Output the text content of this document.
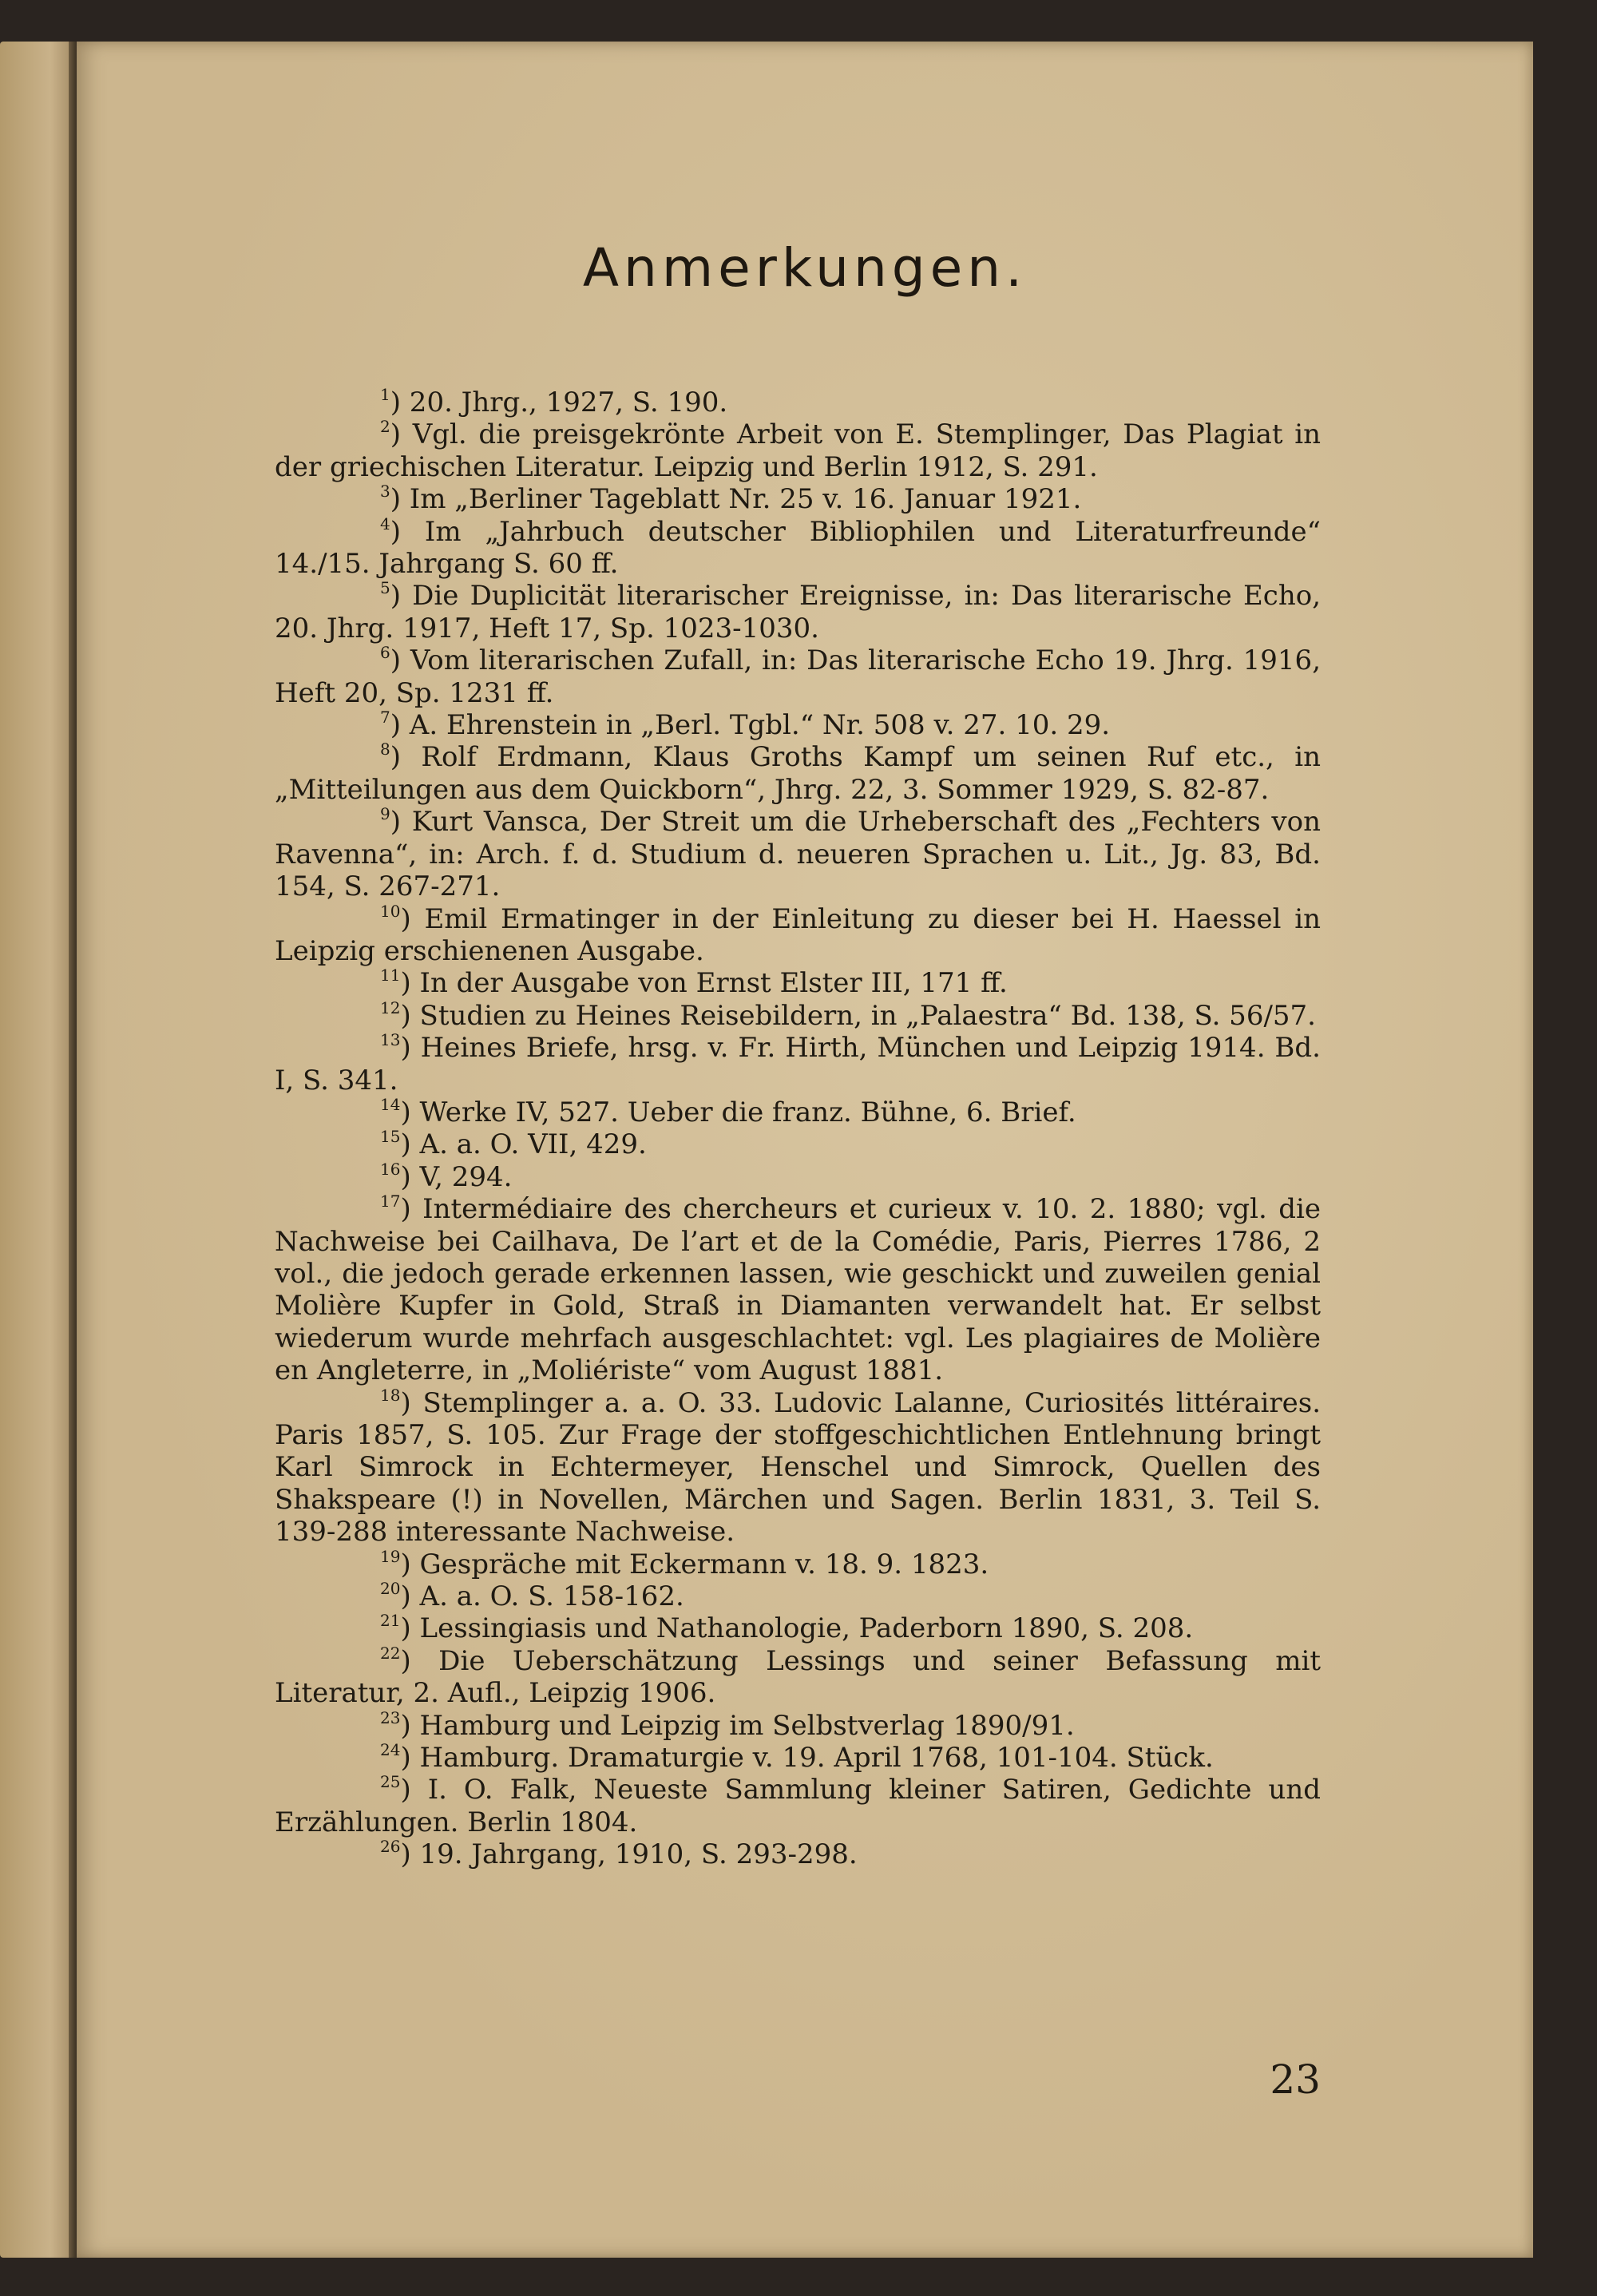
Anmerkungen.

$^1$) 20. Jhrg., 1927, S. 190.

$^2$) Vgl. die preisgekrönte Arbeit von E. Stemplinger, Das Plagiat in der griechischen Literatur. Leipzig und Berlin 1912, S. 291.

$^3$) Im „Berliner Tageblatt Nr. 25 v. 16. Januar 1921.

$^4$) Im „Jahrbuch deutscher Bibliophilen und Literaturfreunde“ 14./15. Jahrgang S. 60 ff.

$^5$) Die Duplicität literarischer Ereignisse, in: Das literarische Echo, 20. Jhrg. 1917, Heft 17, Sp. 1023-1030.

$^6$) Vom literarischen Zufall, in: Das literarische Echo 19. Jhrg. 1916, Heft 20, Sp. 1231 ff.

$^7$) A. Ehrenstein in „Berl. Tgbl.“ Nr. 508 v. 27. 10. 29.

$^8$) Rolf Erdmann, Klaus Groths Kampf um seinen Ruf etc., in „Mitteilungen aus dem Quickborn“, Jhrg. 22, 3. Sommer 1929, S. 82-87.

$^9$) Kurt Vansca, Der Streit um die Urheberschaft des „Fechters von Ravenna“, in: Arch. f. d. Studium d. neueren Sprachen u. Lit., Jg. 83, Bd. 154, S. 267-271.

$^{10}$) Emil Ermatinger in der Einleitung zu dieser bei H. Haessel in Leipzig erschienenen Ausgabe.

$^{11}$) In der Ausgabe von Ernst Elster III, 171 ff.

$^{12}$) Studien zu Heines Reisebildern, in „Palaestra“ Bd. 138, S. 56/57.

$^{13}$) Heines Briefe, hrsg. v. Fr. Hirth, München und Leipzig 1914. Bd. I, S. 341.

$^{14}$) Werke IV, 527. Ueber die franz. Bühne, 6. Brief.

$^{15}$) A. a. O. VII, 429.

$^{16}$) V, 294.

$^{17}$) Intermédiaire des chercheurs et curieux v. 10. 2. 1880; vgl. die Nachweise bei Cailhava, De l’art et de la Comédie, Paris, Pierres 1786, 2 vol., die jedoch gerade erkennen lassen, wie geschickt und zuweilen genial Molière Kupfer in Gold, Straß in Diamanten verwandelt hat. Er selbst wiederum wurde mehrfach ausgeschlachtet: vgl. Les plagiaires de Molière en Angleterre, in „Moliériste“ vom August 1881.

$^{18}$) Stemplinger a. a. O. 33. Ludovic Lalanne, Curiosités littéraires. Paris 1857, S. 105. Zur Frage der stoffgeschichtlichen Entlehnung bringt Karl Simrock in Echtermeyer, Henschel und Simrock, Quellen des Shakspeare (!) in Novellen, Märchen und Sagen. Berlin 1831, 3. Teil S. 139-288 interessante Nachweise.

$^{19}$) Gespräche mit Eckermann v. 18. 9. 1823.

$^{20}$) A. a. O. S. 158-162.

$^{21}$) Lessingiasis und Nathanologie, Paderborn 1890, S. 208.

$^{22}$) Die Ueberschätzung Lessings und seiner Befassung mit Literatur, 2. Aufl., Leipzig 1906.

$^{23}$) Hamburg und Leipzig im Selbstverlag 1890/91.

$^{24}$) Hamburg. Dramaturgie v. 19. April 1768, 101-104. Stück.

$^{25}$) I. O. Falk, Neueste Sammlung kleiner Satiren, Gedichte und Erzählungen. Berlin 1804.

$^{26}$) 19. Jahrgang, 1910, S. 293-298.

23
